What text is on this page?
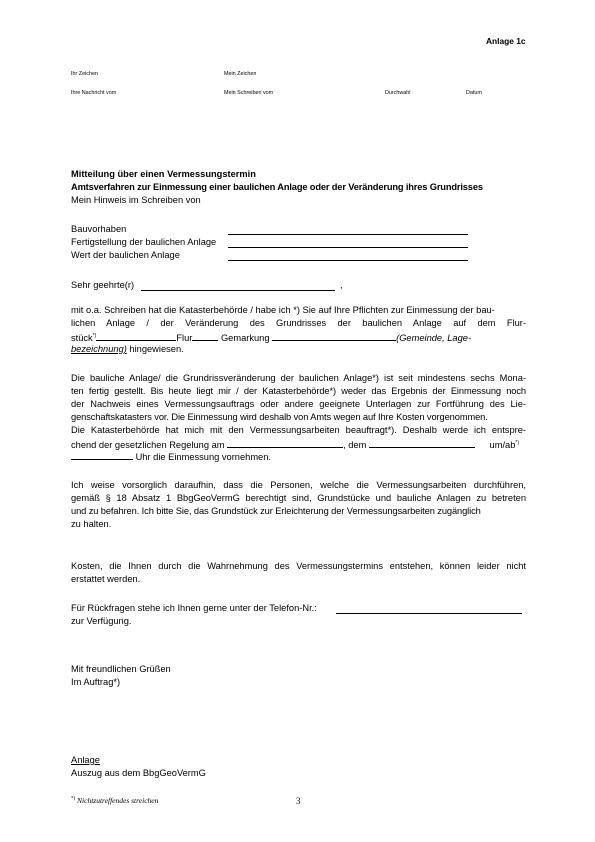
Anlage 1c
Ihr Zeichen	Mein Zeichen
Ihre Nachricht vom	Mein Schreiben vom	Durchwahl	Datum
Mitteilung über einen Vermessungstermin
Amtsverfahren zur Einmessung einer baulichen Anlage oder der Veränderung ihres Grundrisses
Mein Hinweis im Schreiben von
Bauvorhaben
Fertigstellung der baulichen Anlage
Wert der baulichen Anlage
Sehr geehrte(r)	,
mit o.a. Schreiben hat die Katasterbehörde / habe ich *) Sie auf Ihre Pflichten zur Einmessung der bau-
lichen Anlage / der Veränderung des Grundrisses der baulichen Anlage auf dem Flur-
stück*)	Flur	Gemarkung	(Gemeinde, Lage-
bezeichnung) hingewiesen.
Die bauliche Anlage/ die Grundrissveränderung der baulichen Anlage*) ist seit mindestens sechs Mona-
ten fertig gestellt. Bis heute liegt mir / der Katasterbehörde*) weder das Ergebnis der Einmessung noch
der Nachweis eines Vermessungsauftrags oder andere geeignete Unterlagen zur Fortführung des Lie-
genschaftskatasters vor. Die Einmessung wird deshalb von Amts wegen auf Ihre Kosten vorgenommen.
Die Katasterbehörde hat mich mit den Vermessungsarbeiten beauftragt*). Deshalb werde ich entspre-
chend der gesetzlichen Regelung am	, dem	um/ab*)
Uhr die Einmessung vornehmen.
Ich weise vorsorglich daraufhin, dass die Personen, welche die Vermessungsarbeiten durchführen,
gemäß § 18 Absatz 1 BbgGeoVermG berechtigt sind, Grundstücke und bauliche Anlagen zu betreten
und zu befahren. Ich bitte Sie, das Grundstück zur Erleichterung der Vermessungsarbeiten zugänglich
zu halten.
Kosten, die Ihnen durch die Wahrnehmung des Vermessungstermins entstehen, können leider nicht
erstattet werden.
Für Rückfragen stehe ich Ihnen gerne unter der Telefon-Nr.:
zur Verfügung.
Mit freundlichen Grüßen
Im Auftrag*)
Anlage
Auszug aus dem BbgGeoVermG
*) Nichtzutreffendes streichen	3
